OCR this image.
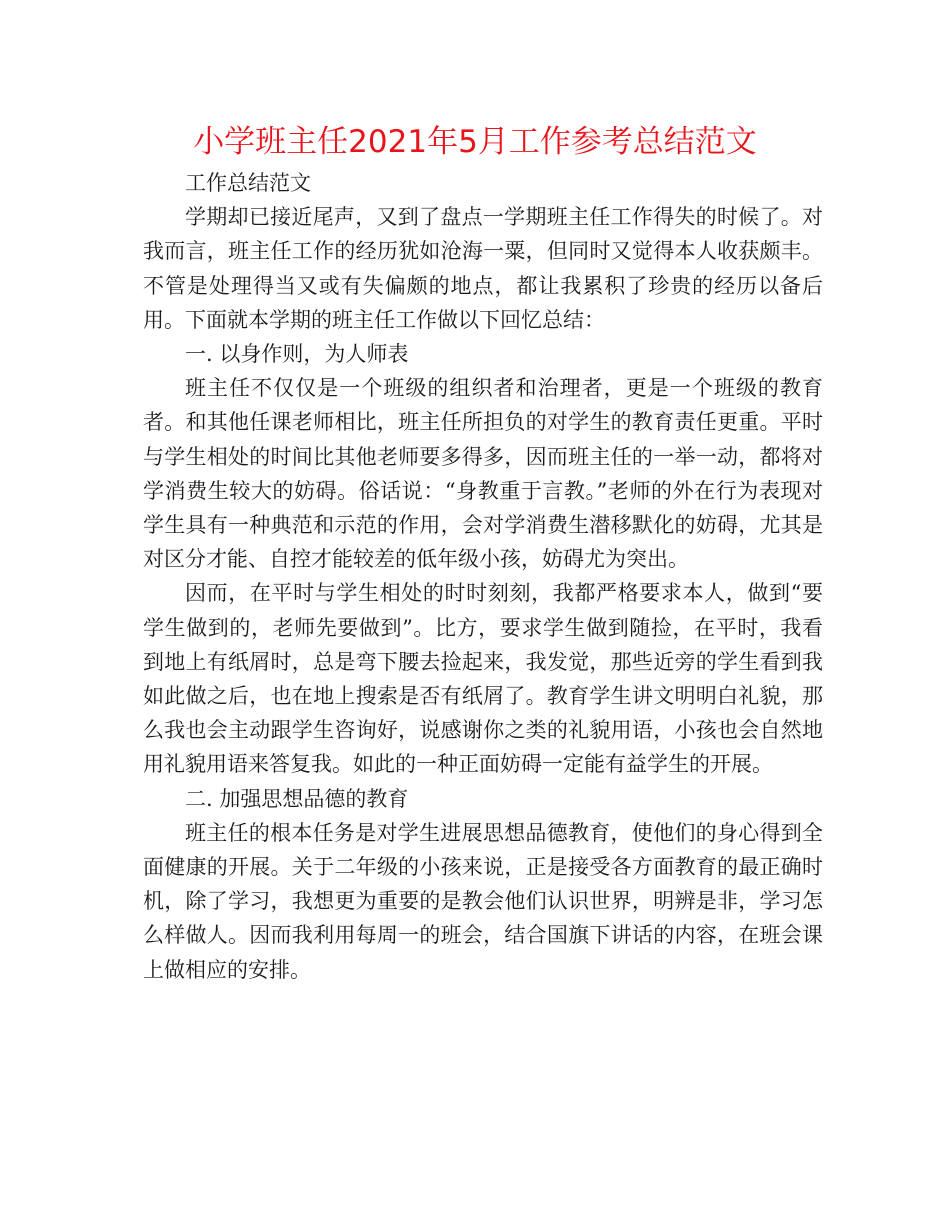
小学班主任2021年5月工作参考总结范文

工作总结范文

学期却已接近尾声，又到了盘点一学期班主任工作得失的时候了。对我而言，班主任工作的经历犹如沧海一粟，但同时又觉得本人收获颇丰。不管是处理得当又或有失偏颇的地点，都让我累积了珍贵的经历以备后用。下面就本学期的班主任工作做以下回忆总结：

一. 以身作则，为人师表

班主任不仅仅是一个班级的组织者和治理者，更是一个班级的教育者。和其他任课老师相比，班主任所担负的对学生的教育责任更重。平时与学生相处的时间比其他老师要多得多，因而班主任的一举一动，都将对学消费生较大的妨碍。俗话说：“身教重于言教。”老师的外在行为表现对学生具有一种典范和示范的作用，会对学消费生潜移默化的妨碍，尤其是对区分才能、自控才能较差的低年级小孩，妨碍尤为突出。

因而，在平时与学生相处的时时刻刻，我都严格要求本人，做到“要学生做到的，老师先要做到”。比方，要求学生做到随捡，在平时，我看到地上有纸屑时，总是弯下腰去捡起来，我发觉，那些近旁的学生看到我如此做之后，也在地上搜索是否有纸屑了。教育学生讲文明明白礼貌，那么我也会主动跟学生咨询好，说感谢你之类的礼貌用语，小孩也会自然地用礼貌用语来答复我。如此的一种正面妨碍一定能有益学生的开展。

二. 加强思想品德的教育

班主任的根本任务是对学生进展思想品德教育，使他们的身心得到全面健康的开展。关于二年级的小孩来说，正是接受各方面教育的最正确时机，除了学习，我想更为重要的是教会他们认识世界，明辨是非，学习怎么样做人。因而我利用每周一的班会，结合国旗下讲话的内容，在班会课上做相应的安排。
